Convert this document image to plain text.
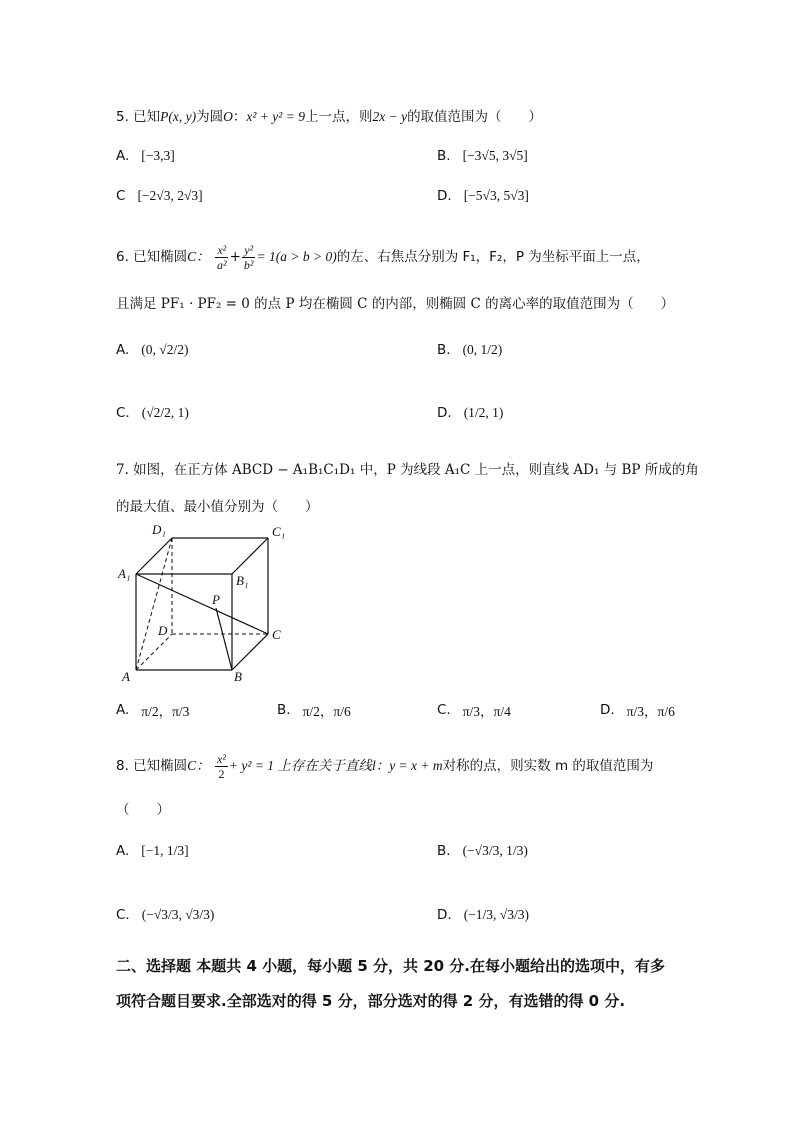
5. 已知P(x, y)为圆O：x² + y² = 9上一点，则2x − y的取值范围为（　　）
A. [−3,3]	B. [−3√5, 3√5]
C [−2√3, 2√3]	D. [−5√3, 5√3]
6. 已知椭圆C： $\frac{\text{x²}}{\text{a²}} + \frac{\text{y²}}{\text{b²}} = 1(a > b > 0)$的左、右焦点分别为 F₁，F₂，P 为坐标平面上一点，
且满足 PF₁ · PF₂ = 0 的点 P 均在椭圆 C 的内部，则椭圆 C 的离心率的取值范围为（　　）
A. (0, √2/2)	B. (0, 1/2)
C. (√2/2, 1)	D. (1/2, 1)
7. 如图，在正方体 ABCD − A₁B₁C₁D₁ 中，P 为线段 A₁C 上一点，则直线 AD₁ 与 BP 所成的角
的最大值、最小值分别为（　　）
D₁	C₁
A₁	B₁
P
D	C
A	B
A. π/2，π/3	B. π/2，π/6	C. π/3，π/4	D. π/3，π/6
8. 已知椭圆C： $\frac{\text{x²}}{2} + y^2 = 1$ 上存在关于直线l：y = x + m对称的点，则实数 m 的取值范围为
（　　）
A. [−1, 1/3]	B. (−√3/3, 1/3)
C. (−√3/3, √3/3)	D. (−1/3, √3/3)
二、选择题 本题共 4 小题，每小题 5 分，共 20 分.在每小题给出的选项中，有多
项符合题目要求.全部选对的得 5 分，部分选对的得 2 分，有选错的得 0 分.
